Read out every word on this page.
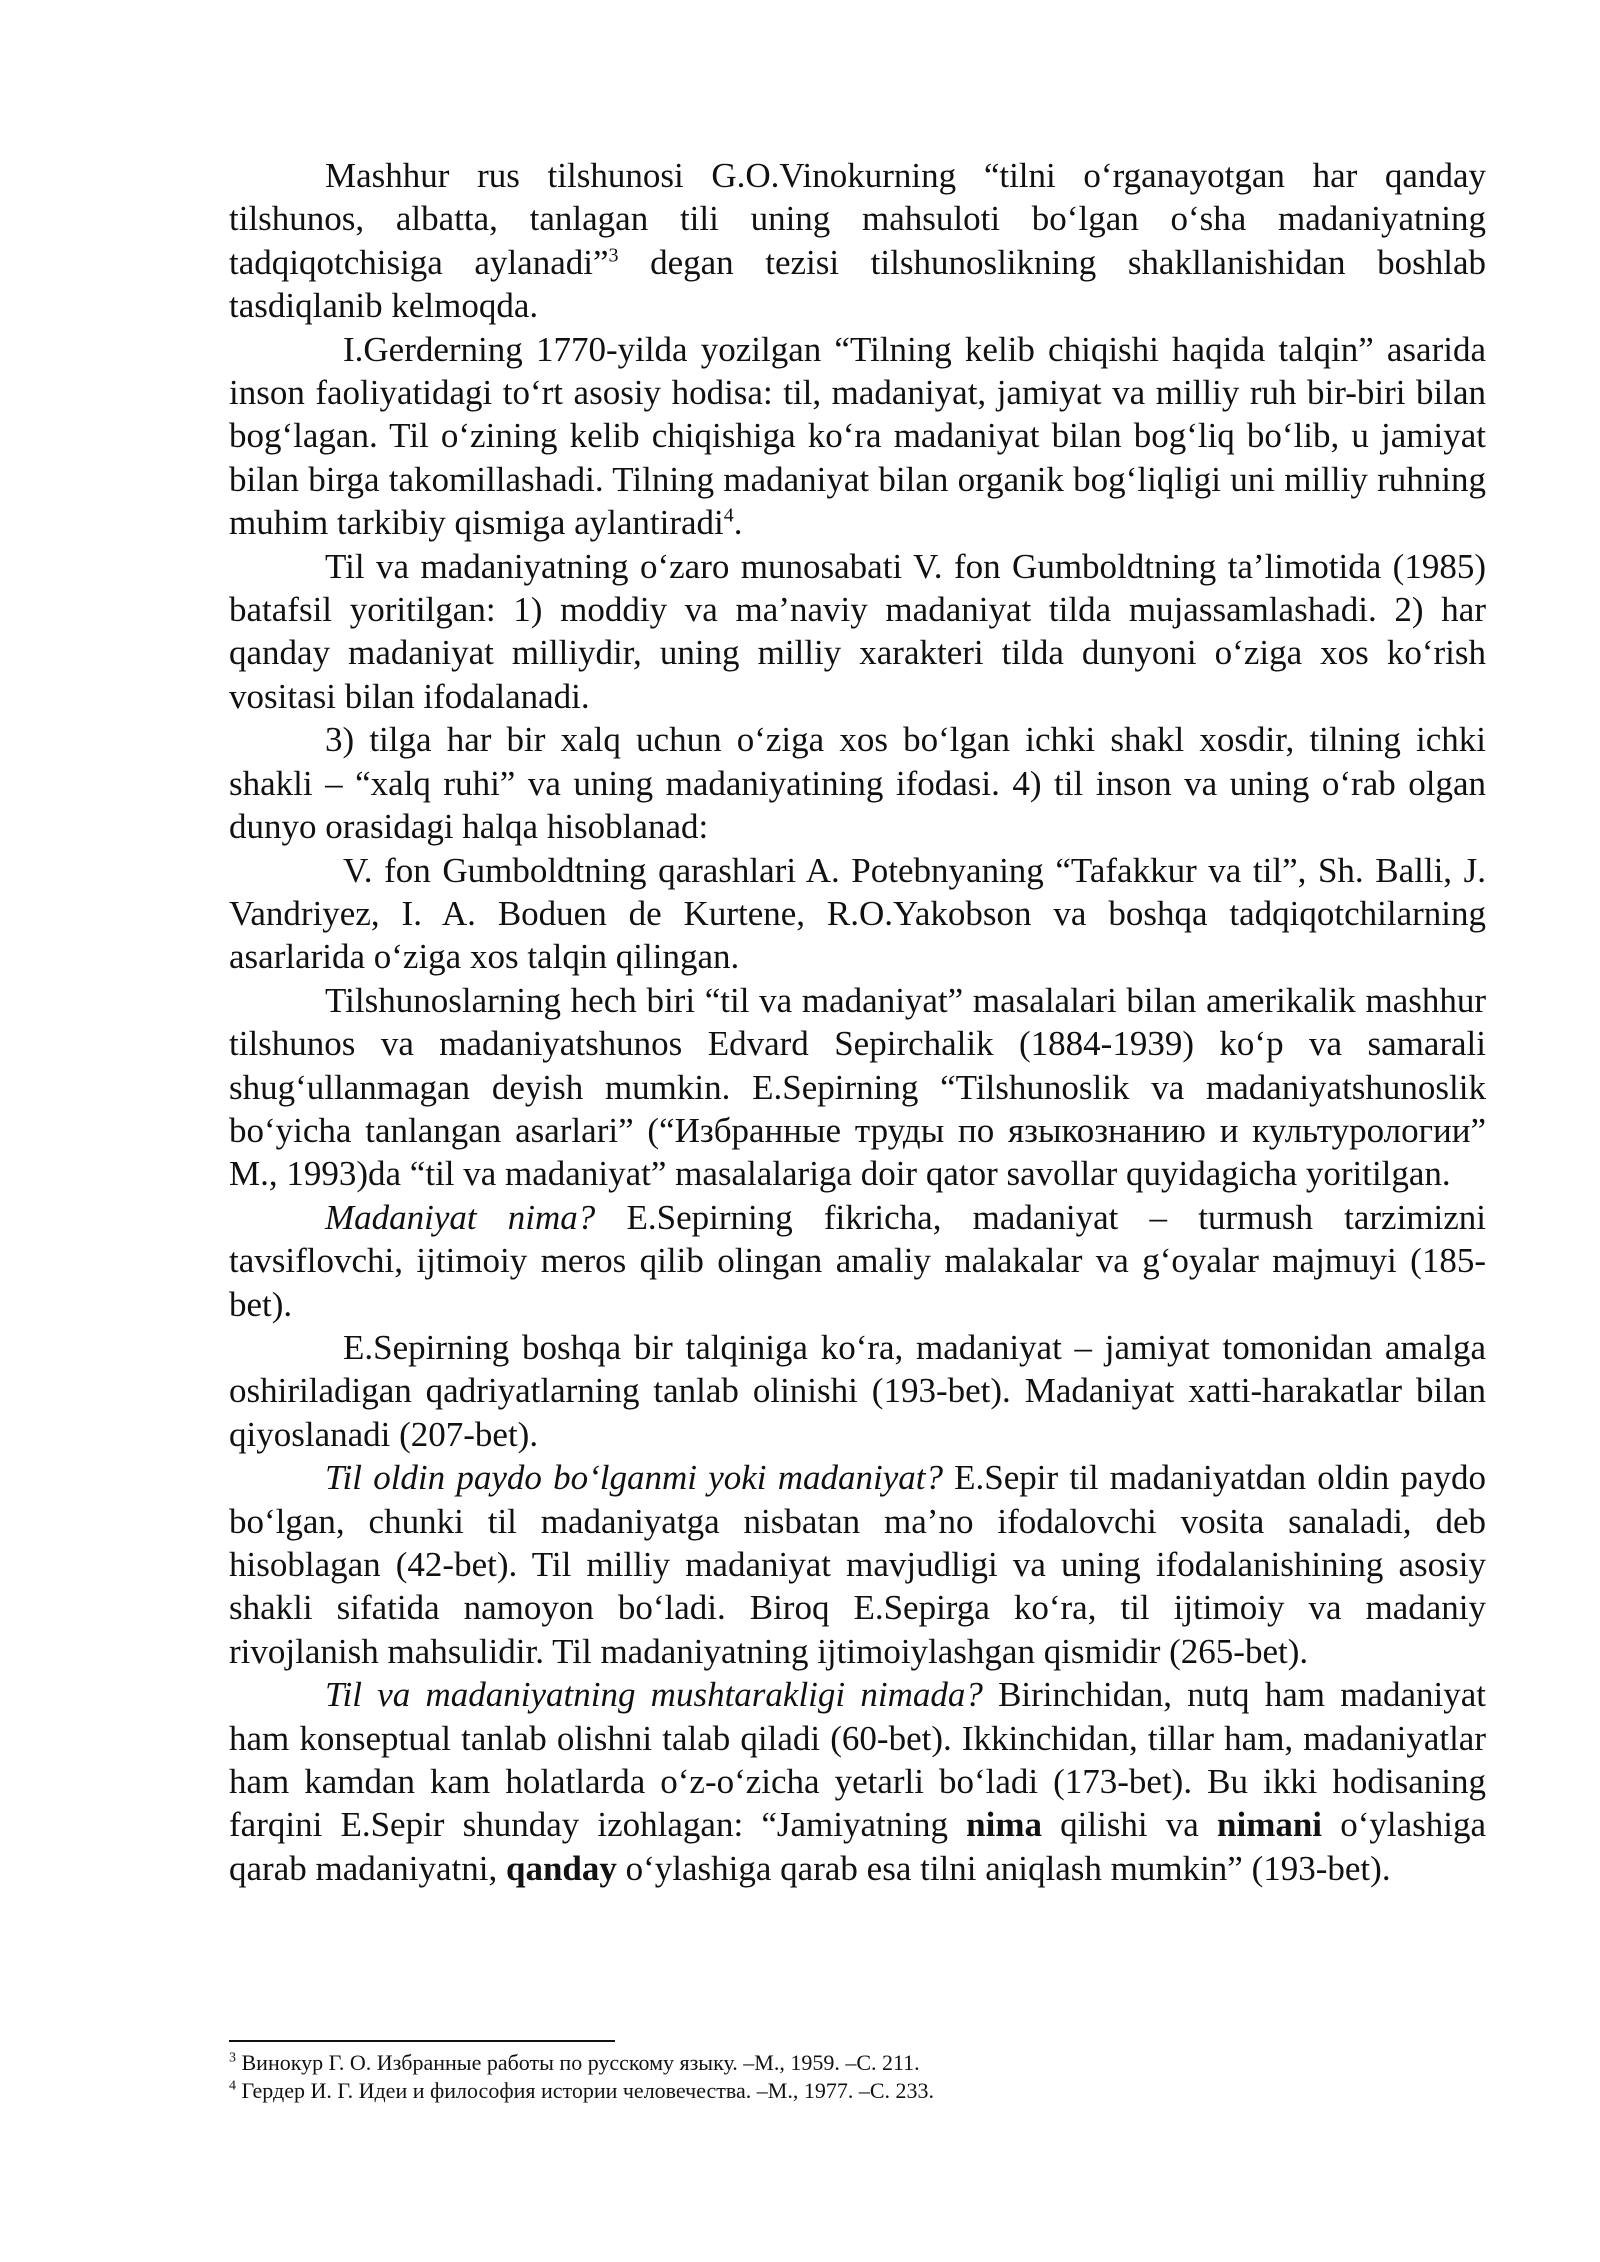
Mashhur rus tilshunosi G.O.Vinokurning “tilni oʻrganayotgan har qanday tilshunos, albatta, tanlagan tili uning mahsuloti boʻlgan oʻsha madaniyatning tadqiqotchisiga aylanadi”$^3$ degan tezisi tilshunoslikning shakllanishidan boshlab tasdiqlanib kelmoqda.

I.Gerderning 1770-yilda yozilgan “Tilning kelib chiqishi haqida talqin” asarida inson faoliyatidagi toʻrt asosiy hodisa: til, madaniyat, jamiyat va milliy ruh bir-biri bilan bogʻlagan. Til oʻzining kelib chiqishiga koʻra madaniyat bilan bogʻliq boʻlib, u jamiyat bilan birga takomillashadi. Tilning madaniyat bilan organik bogʻliqligi uni milliy ruhning muhim tarkibiy qismiga aylantiradi$^4$.

Til va madaniyatning oʻzaro munosabati V. fon Gumboldtning ta’limotida (1985) batafsil yoritilgan: 1) moddiy va ma’naviy madaniyat tilda mujassamlashadi. 2) har qanday madaniyat milliydir, uning milliy xarakteri tilda dunyoni oʻziga xos koʻrish vositasi bilan ifodalanadi.

3) tilga har bir xalq uchun oʻziga xos boʻlgan ichki shakl xosdir, tilning ichki shakli – “xalq ruhi” va uning madaniyatining ifodasi. 4) til inson va uning oʻrab olgan dunyo orasidagi halqa hisoblanad:

V. fon Gumboldtning qarashlari A. Potebnyaning “Tafakkur va til”, Sh. Balli, J. Vandriyez, I. A. Boduen de Kurtene, R.O.Yakobson va boshqa tadqiqotchilarning asarlarida oʻziga xos talqin qilingan.

Tilshunoslarning hech biri “til va madaniyat” masalalari bilan amerikalik mashhur tilshunos va madaniyatshunos Edvard Sepirchalik (1884-1939) koʻp va samarali shugʻullanmagan deyish mumkin. E.Sepirning “Tilshunoslik va madaniyatshunoslik boʻyicha tanlangan asarlari” (“Избранные труды по языкознанию и культурологии” M., 1993)da “til va madaniyat” masalalariga doir qator savollar quyidagicha yoritilgan.

Madaniyat nima? E.Sepirning fikricha, madaniyat – turmush tarzimizni tavsiflovchi, ijtimoiy meros qilib olingan amaliy malakalar va gʻoyalar majmuyi (185-bet).

E.Sepirning boshqa bir talqiniga koʻra, madaniyat – jamiyat tomonidan amalga oshiriladigan qadriyatlarning tanlab olinishi (193-bet). Madaniyat xatti-harakatlar bilan qiyoslanadi (207-bet).

Til oldin paydo boʻlganmi yoki madaniyat? E.Sepir til madaniyatdan oldin paydo boʻlgan, chunki til madaniyatga nisbatan ma’no ifodalovchi vosita sanaladi, deb hisoblagan (42-bet). Til milliy madaniyat mavjudligi va uning ifodalanishining asosiy shakli sifatida namoyon boʻladi. Biroq E.Sepirga koʻra, til ijtimoiy va madaniy rivojlanish mahsulidir. Til madaniyatning ijtimoiylashgan qismidir (265-bet).

Til va madaniyatning mushtarakligi nimada? Birinchidan, nutq ham madaniyat ham konseptual tanlab olishni talab qiladi (60-bet). Ikkinchidan, tillar ham, madaniyatlar ham kamdan kam holatlarda oʻz-oʻzicha yetarli boʻladi (173-bet). Bu ikki hodisaning farqini E.Sepir shunday izohlagan: “Jamiyatning nima qilishi va nimani oʻylashiga qarab madaniyatni, qanday oʻylashiga qarab esa tilni aniqlash mumkin” (193-bet).

$^3$ Винокур Г. О. Избранные работы по русскому языку. –М., 1959. –С. 211.

$^4$ Гердер И. Г. Идеи и философия истории человечества. –М., 1977. –С. 233.
